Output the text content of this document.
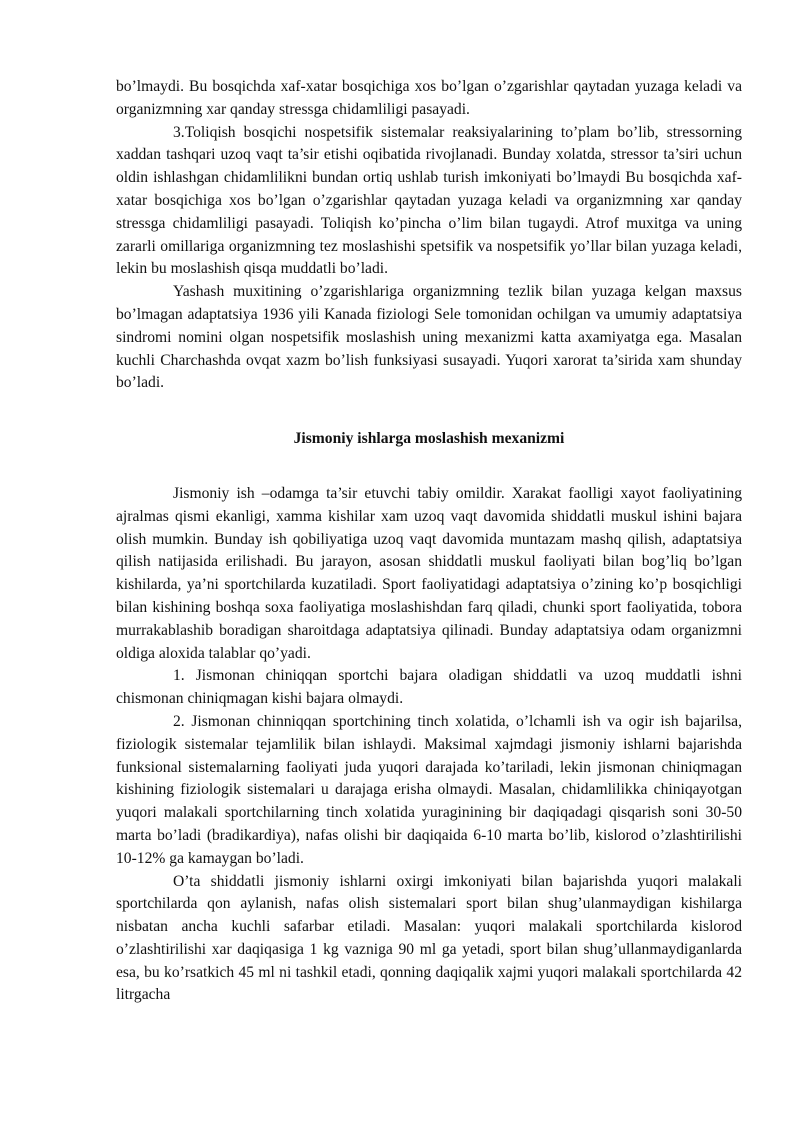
bo’lmaydi. Bu bosqichda xaf-xatar bosqichiga xos bo’lgan o’zgarishlar qaytadan yuzaga keladi va organizmning xar qanday stressga chidamliligi pasayadi.

3.Toliqish bosqichi nospetsifik sistemalar reaksiyalarining to’plam bo’lib, stressorning xaddan tashqari uzoq vaqt ta’sir etishi oqibatida rivojlanadi. Bunday xolatda, stressor ta’siri uchun oldin ishlashgan chidamlilikni bundan ortiq ushlab turish imkoniyati bo’lmaydi Bu bosqichda xaf-xatar bosqichiga xos bo’lgan o’zgarishlar qaytadan yuzaga keladi va organizmning xar qanday stressga chidamliligi pasayadi. Toliqish ko’pincha o’lim bilan tugaydi. Atrof muxitga va uning zararli omillariga organizmning tez moslashishi spetsifik va nospetsifik yo’llar bilan yuzaga keladi, lekin bu moslashish qisqa muddatli bo’ladi.

Yashash muxitining o’zgarishlariga organizmning tezlik bilan yuzaga kelgan maxsus bo’lmagan adaptatsiya 1936 yili Kanada fiziologi Sele tomonidan ochilgan va umumiy adaptatsiya sindromi nomini olgan nospetsifik moslashish uning mexanizmi katta axamiyatga ega. Masalan kuchli Charchashda ovqat xazm bo’lish funksiyasi susayadi. Yuqori xarorat ta’sirida xam shunday bo’ladi.

Jismoniy ishlarga moslashish mexanizmi

Jismoniy ish –odamga ta’sir etuvchi tabiy omildir. Xarakat faolligi xayot faoliyatining ajralmas qismi ekanligi, xamma kishilar xam uzoq vaqt davomida shiddatli muskul ishini bajara olish mumkin. Bunday ish qobiliyatiga uzoq vaqt davomida muntazam mashq qilish, adaptatsiya qilish natijasida erilishadi. Bu jarayon, asosan shiddatli muskul faoliyati bilan bog’liq bo’lgan kishilarda, ya’ni sportchilarda kuzatiladi. Sport faoliyatidagi adaptatsiya o’zining ko’p bosqichligi bilan kishining boshqa soxa faoliyatiga moslashishdan farq qiladi, chunki sport faoliyatida, tobora murrakablashib boradigan sharoitdaga adaptatsiya qilinadi. Bunday adaptatsiya odam organizmni oldiga aloxida talablar qo’yadi.

1. Jismonan chiniqqan sportchi bajara oladigan shiddatli va uzoq muddatli ishni chismonan chiniqmagan kishi bajara olmaydi.

2. Jismonan chinniqqan sportchining tinch xolatida, o’lchamli ish va ogir ish bajarilsa, fiziologik sistemalar tejamlilik bilan ishlaydi. Maksimal xajmdagi jismoniy ishlarni bajarishda funksional sistemalarning faoliyati juda yuqori darajada ko’tariladi, lekin jismonan chiniqmagan kishining fiziologik sistemalari u darajaga erisha olmaydi. Masalan, chidamlilikka chiniqayotgan yuqori malakali sportchilarning tinch xolatida yuraginining bir daqiqadagi qisqarish soni 30-50 marta bo’ladi (bradikardiya), nafas olishi bir daqiqaida 6-10 marta bo’lib, kislorod o’zlashtirilishi 10-12% ga kamaygan bo’ladi.

O’ta shiddatli jismoniy ishlarni oxirgi imkoniyati bilan bajarishda yuqori malakali sportchilarda qon aylanish, nafas olish sistemalari sport bilan shug’ulanmaydigan kishilarga nisbatan ancha kuchli safarbar etiladi. Masalan: yuqori malakali sportchilarda kislorod o’zlashtirilishi xar daqiqasiga 1 kg vazniga 90 ml ga yetadi, sport bilan shug’ullanmaydiganlarda esa, bu ko’rsatkich 45 ml ni tashkil etadi, qonning daqiqalik xajmi yuqori malakali sportchilarda 42 litrgacha
